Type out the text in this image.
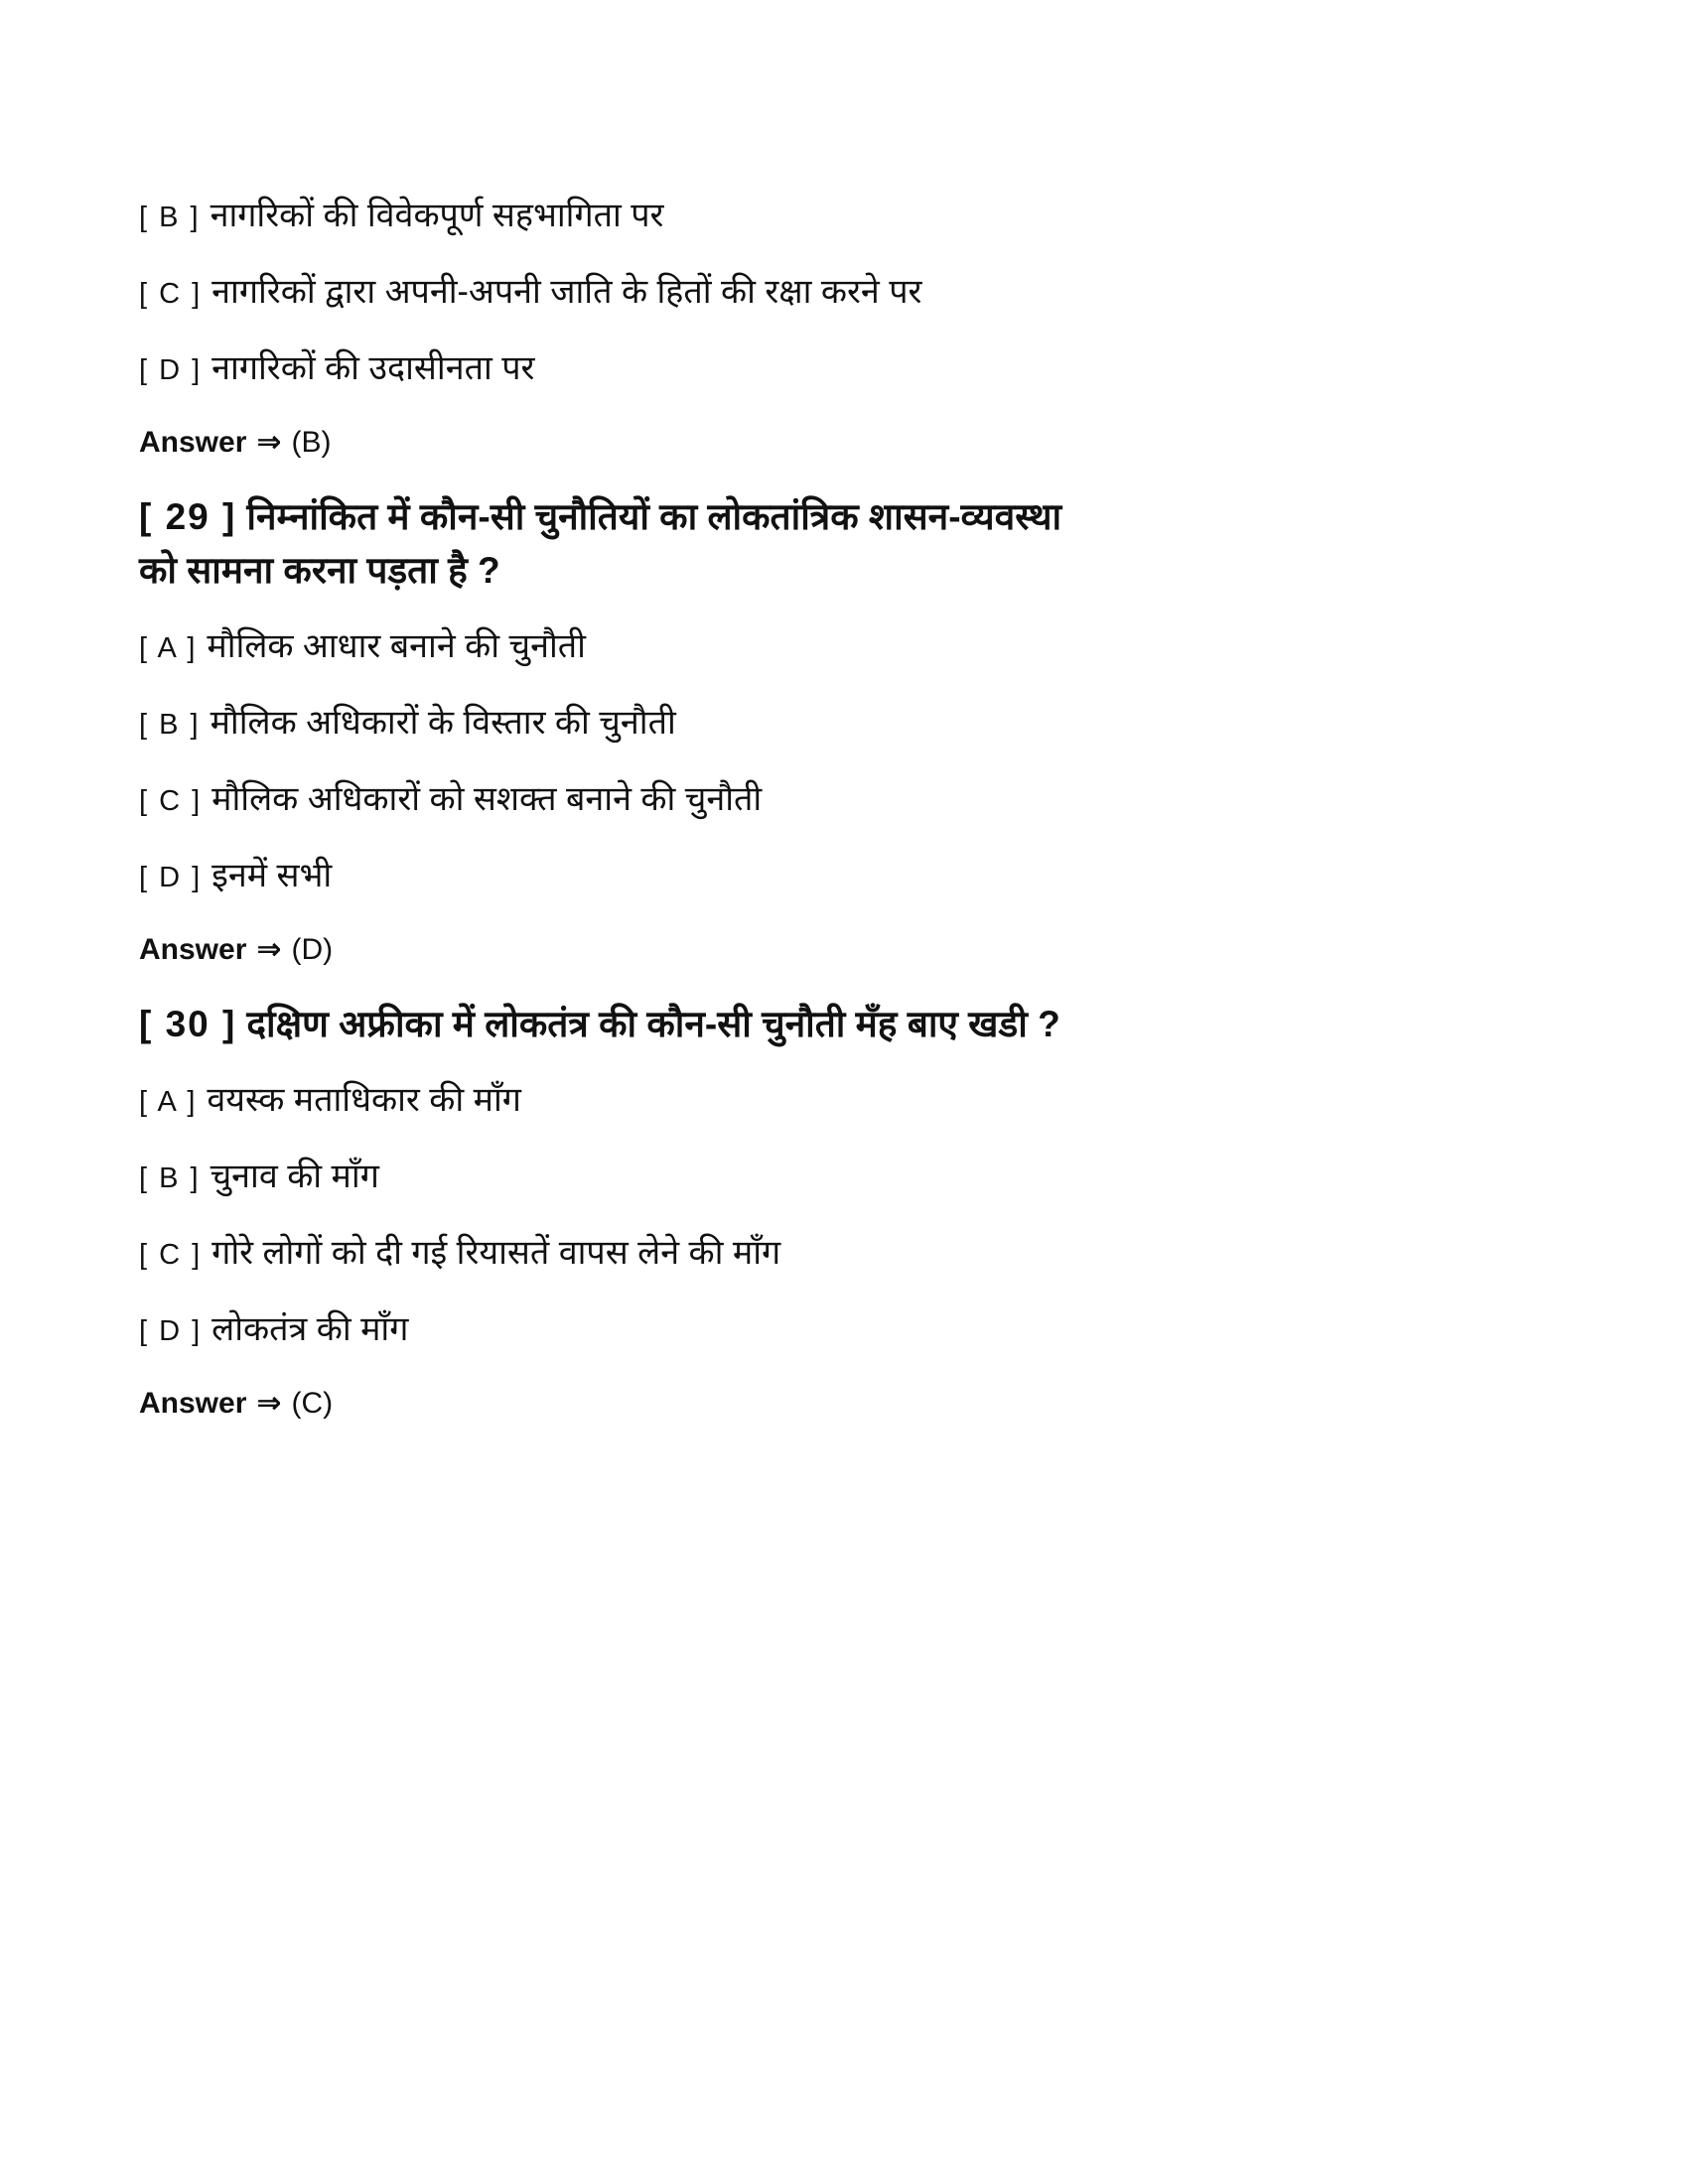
[ B ] नागरिकों की विवेकपूर्ण सहभागिता पर
[ C ] नागरिकों द्वारा अपनी-अपनी जाति के हितों की रक्षा करने पर
[ D ] नागरिकों की उदासीनता पर
Answer ⇒ (B)

[ 29 ] निम्नांकित में कौन-सी चुनौतियों का लोकतांत्रिक शासन-व्यवस्था को सामना करना पड़ता है ?

[ A ] मौलिक आधार बनाने की चुनौती
[ B ] मौलिक अधिकारों के विस्तार की चुनौती
[ C ] मौलिक अधिकारों को सशक्त बनाने की चुनौती
[ D ] इनमें सभी
Answer ⇒ (D)

[ 30 ] दक्षिण अफ्रीका में लोकतंत्र की कौन-सी चुनौती मँह बाए खडी ?

[ A ] वयस्क मताधिकार की माँग
[ B ] चुनाव की माँग
[ C ] गोरे लोगों को दी गई रियासतें वापस लेने की माँग
[ D ] लोकतंत्र की माँग
Answer ⇒ (C)
